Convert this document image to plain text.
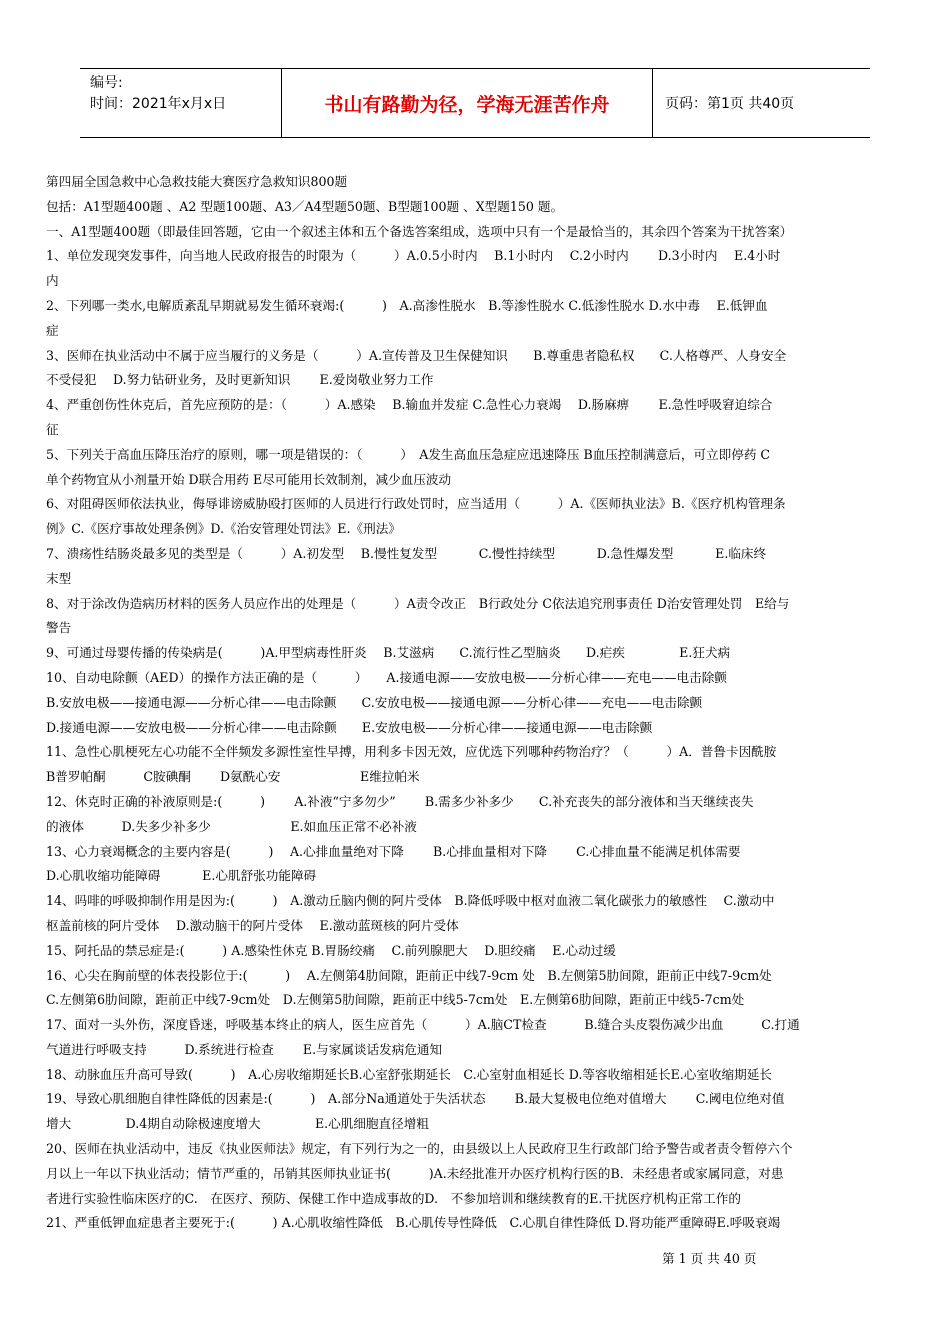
编号:
时间：2021年x月x日	书山有路勤为径，学海无涯苦作舟	页码：第1页 共40页
第四届全国急救中心急救技能大赛医疗急救知识800题
包括：A1型题400题 、A2 型题100题、A3／A4型题50题、B型题100题 、X型题150 题。
一、A1型题400题（即最佳回答题，它由一个叙述主体和五个备选答案组成，选项中只有一个是最恰当的，其余四个答案为干扰答案）
1、单位发现突发事件，向当地人民政府报告的时限为（　　　）A.0.5小时内　 B.1小时内　 C.2小时内　　 D.3小时内　 E.4小时
内
2、下列哪一类水,电解质紊乱早期就易发生循环衰竭:(　　　)　A.高渗性脱水　B.等渗性脱水 C.低渗性脱水 D.水中毒　 E.低钾血
症
3、医师在执业活动中不属于应当履行的义务是（　　　）A.宣传普及卫生保健知识　　B.尊重患者隐私权　　C.人格尊严、人身安全
不受侵犯　 D.努力钻研业务，及时更新知识　　 E.爱岗敬业努力工作
4、严重创伤性休克后，首先应预防的是：（　　　）A.感染　 B.输血并发症 C.急性心力衰竭　 D.肠麻痹　　 E.急性呼吸窘迫综合
征
5、下列关于高血压降压治疗的原则，哪一项是错误的：（　　　）　A发生高血压急症应迅速降压 B血压控制满意后，可立即停药 C
单个药物宜从小剂量开始 D联合用药 E尽可能用长效制剂，减少血压波动
6、对阻碍医师依法执业，侮辱诽谤威胁殴打医师的人员进行行政处罚时，应当适用（　　　）A.《医师执业法》B.《医疗机构管理条
例》C.《医疗事故处理条例》D.《治安管理处罚法》E.《刑法》
7、溃疡性结肠炎最多见的类型是（　　　）A.初发型　 B.慢性复发型　　　 C.慢性持续型　　　 D.急性爆发型　　　 E.临床终
末型
8、对于涂改伪造病历材料的医务人员应作出的处理是（　　　）A责令改正　B行政处分 C依法追究刑事责任 D治安管理处罚　E给与
警告
9、可通过母婴传播的传染病是(　　　)A.甲型病毒性肝炎　 B.艾滋病　　C.流行性乙型脑炎　　D.疟疾　　　　 E.狂犬病
10、自动电除颤（AED）的操作方法正确的是（　　　）　　A.接通电源——安放电极——分析心律——充电——电击除颤
B.安放电极——接通电源——分析心律——电击除颤　　C.安放电极——接通电源——分析心律——充电——电击除颤
D.接通电源——安放电极——分析心律——电击除颤　　E.安放电极——分析心律——接通电源——电击除颤
11、急性心肌梗死左心功能不全伴频发多源性室性早搏，用利多卡因无效，应优选下列哪种药物治疗？（　　　）A．普鲁卡因酰胺
B普罗帕酮　　　C胺碘酮　　 D氨酰心安　　　　　　 E维拉帕米
12、休克时正确的补液原则是:(　　　)　　 A.补液“宁多勿少”　　 B.需多少补多少　　C.补充丧失的部分液体和当天继续丧失
的液体　　　D.失多少补多少　　　　　　 E.如血压正常不必补液
13、心力衰竭概念的主要内容是(　　　)　 A.心排血量绝对下降　　 B.心排血量相对下降　　 C.心排血量不能满足机体需要
D.心肌收缩功能障碍　　　 E.心肌舒张功能障碍
14、吗啡的呼吸抑制作用是因为:(　　　)　A.激动丘脑内侧的阿片受体　B.降低呼吸中枢对血液二氧化碳张力的敏感性　 C.激动中
枢盖前核的阿片受体　 D.激动脑干的阿片受体　 E.激动蓝斑核的阿片受体
15、阿托品的禁忌症是:(　　　) A.感染性休克 B.胃肠绞痛　 C.前列腺肥大　 D.胆绞痛　 E.心动过缓
16、心尖在胸前壁的体表投影位于:(　　　)　 A.左侧第4肋间隙，距前正中线7-9cm 处　B.左侧第5肋间隙，距前正中线7-9cm处
C.左侧第6肋间隙，距前正中线7-9cm处　D.左侧第5肋间隙，距前正中线5-7cm处　E.左侧第6肋间隙，距前正中线5-7cm处
17、面对一头外伤，深度昏迷，呼吸基本终止的病人，医生应首先（　　　）A.脑CT检查　　　B.缝合头皮裂伤减少出血　　　C.打通
气道进行呼吸支持　　　D.系统进行检查　　 E.与家属谈话发病危通知
18、动脉血压升高可导致(　　　)　A.心房收缩期延长B.心室舒张期延长　C.心室射血相延长 D.等容收缩相延长E.心室收缩期延长
19、导致心肌细胞自律性降低的因素是:(　　　)　A.部分Na通道处于失活状态　　 B.最大复极电位绝对值增大　　 C.阈电位绝对值
增大　　　　 D.4期自动除极速度增大　　　　 E.心肌细胞直径增粗
20、医师在执业活动中，违反《执业医师法》规定，有下列行为之一的，由县级以上人民政府卫生行政部门给予警告或者责令暂停六个
月以上一年以下执业活动；情节严重的，吊销其医师执业证书(　　　)A.未经批准开办医疗机构行医的B．未经患者或家属同意，对患
者进行实验性临床医疗的C.　在医疗、预防、保健工作中造成事故的D.　不参加培训和继续教育的E.干扰医疗机构正常工作的
21、严重低钾血症患者主要死于:(　　　) A.心肌收缩性降低　B.心肌传导性降低　C.心肌自律性降低 D.肾功能严重障碍E.呼吸衰竭
第 1 页 共 40 页
